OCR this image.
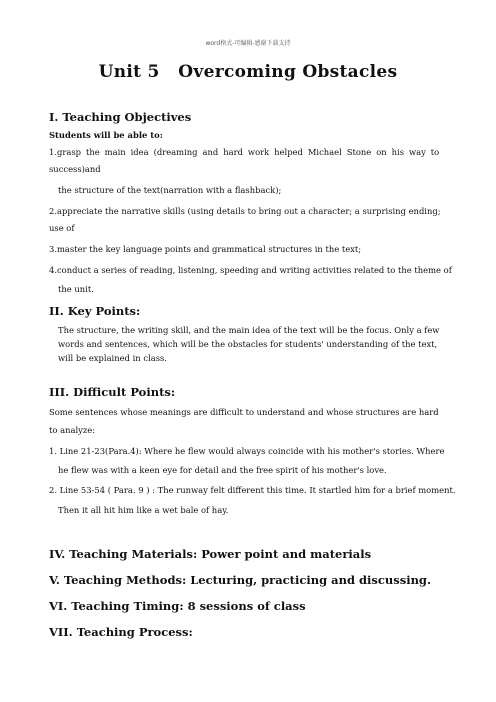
word格式-可编辑-感谢下载支持
Unit 5   Overcoming Obstacles
I. Teaching Objectives
Students will be able to:
1.grasp the main idea (dreaming and hard work helped Michael Stone on his way to
success)and
the structure of the text(narration with a flashback);
2.appreciate the narrative skills (using details to bring out a character; a surprising ending;
use of
3.master the key language points and grammatical structures in the text;
4.conduct a series of reading, listening, speeding and writing activities related to the theme of
the unit.
II. Key Points:
The structure, the writing skill, and the main idea of the text will be the focus. Only a few
words and sentences, which will be the obstacles for students' understanding of the text,
will be explained in class.
III. Difficult Points:
Some sentences whose meanings are difficult to understand and whose structures are hard
to analyze:
1. Line 21-23(Para.4): Where he flew would always coincide with his mother's stories. Where
he flew was with a keen eye for detail and the free spirit of his mother's love.
2. Line 53-54 ( Para. 9 ) : The runway felt different this time. It startled him for a brief moment.
Then it all hit him like a wet bale of hay.
IV. Teaching Materials: Power point and materials
V. Teaching Methods: Lecturing, practicing and discussing.
VI. Teaching Timing: 8 sessions of class
VII. Teaching Process:
